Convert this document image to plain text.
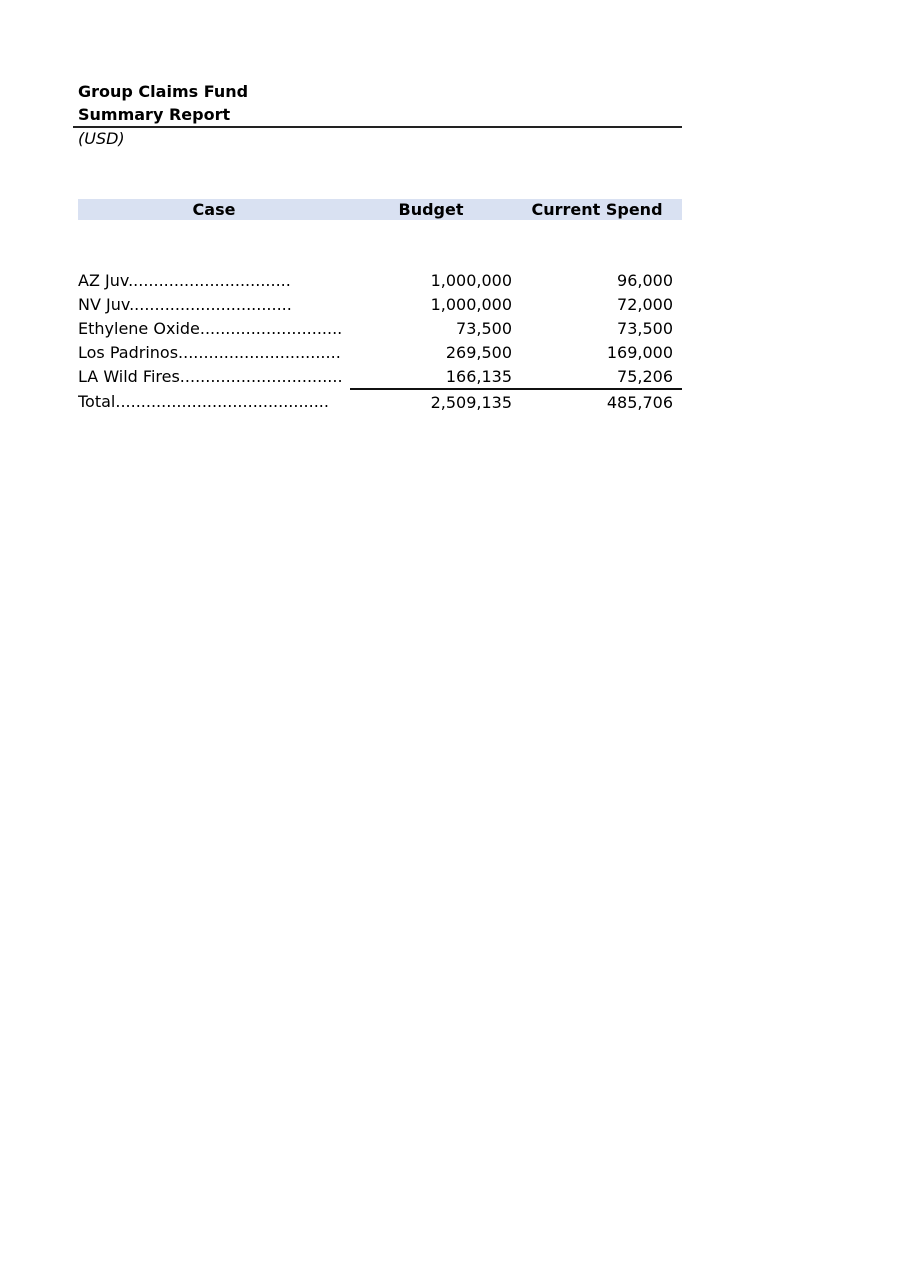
Group Claims Fund
Summary Report
(USD)
Case	Budget	Current Spend

AZ Juv................................	1,000,000	96,000
NV Juv................................	1,000,000	72,000
Ethylene Oxide............................	73,500	73,500
Los Padrinos................................	269,500	169,000
LA Wild Fires................................	166,135	75,206
Total..........................................	2,509,135	485,706
